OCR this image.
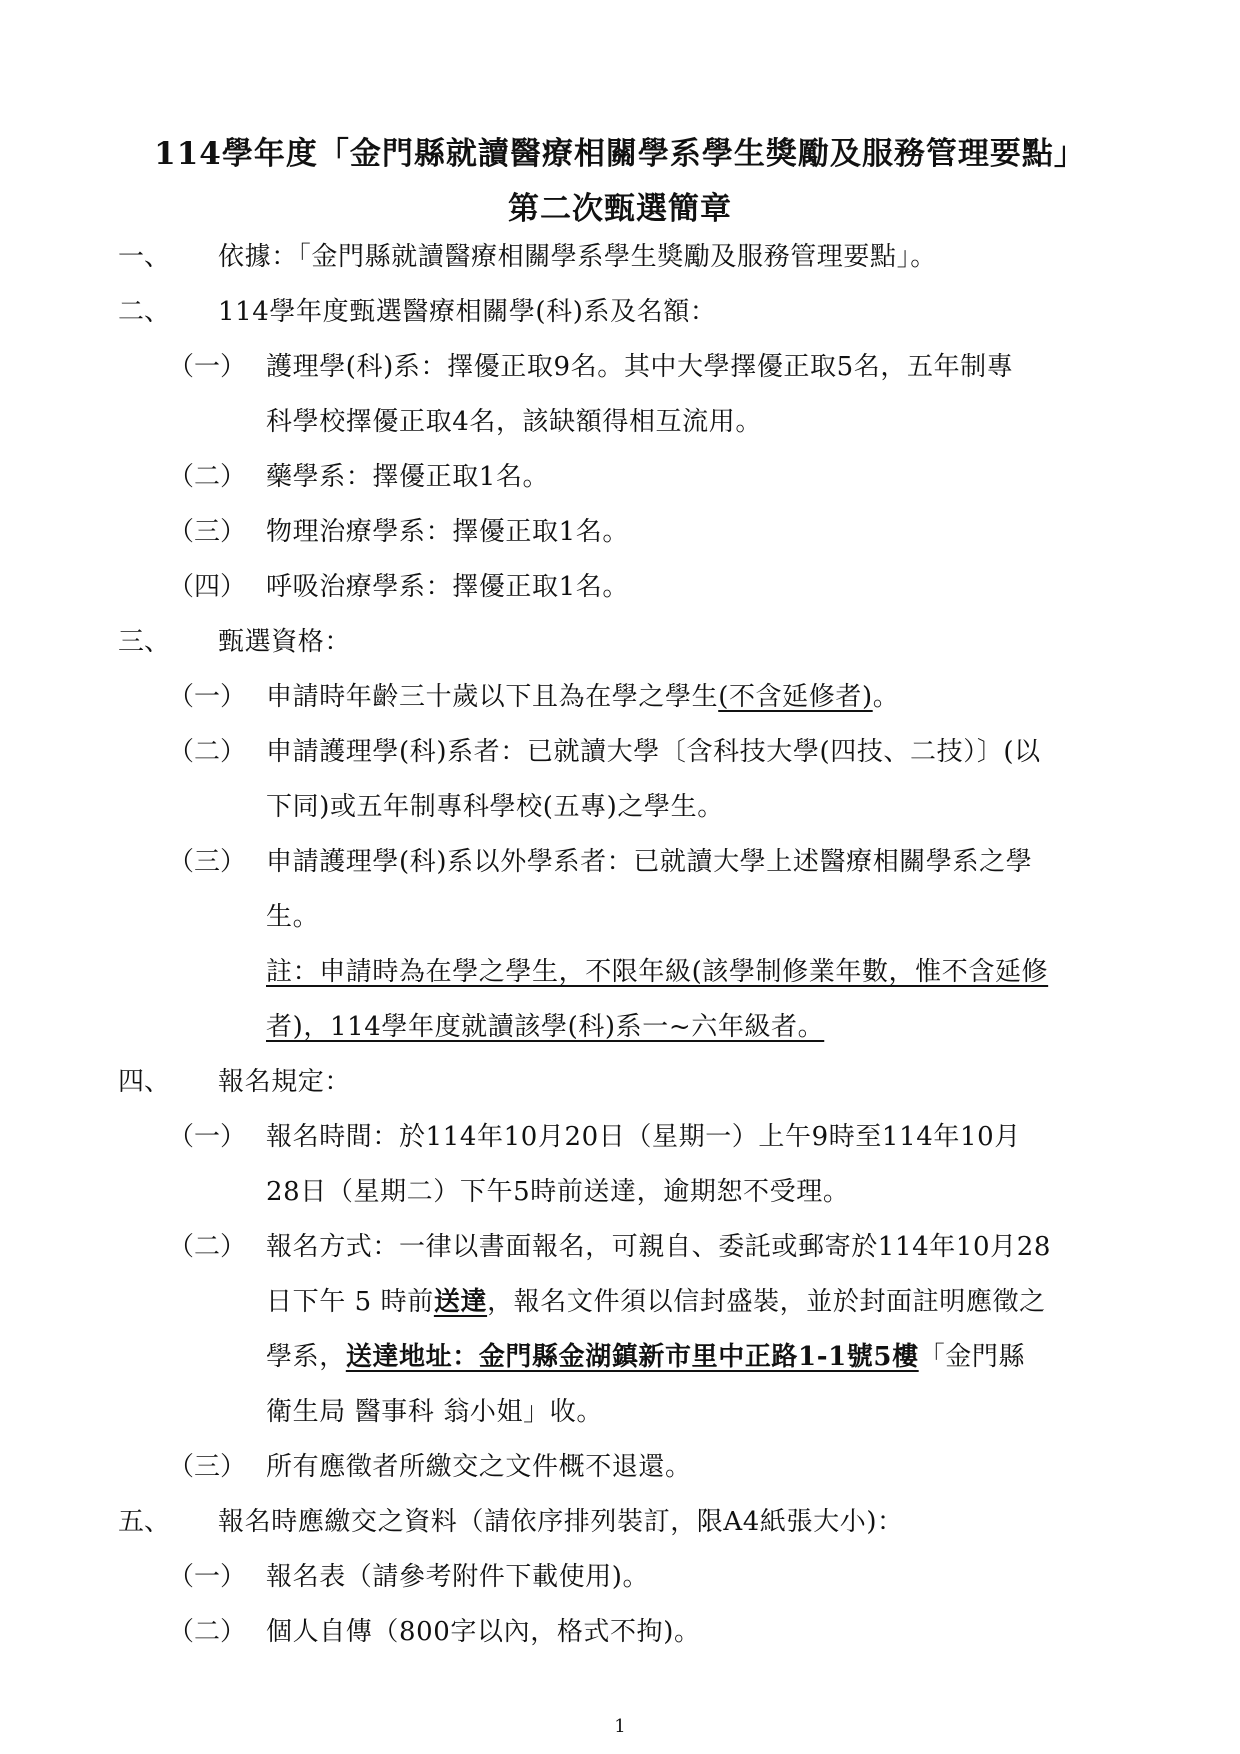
114學年度「金門縣就讀醫療相關學系學生獎勵及服務管理要點」
第二次甄選簡章
一、 依據：「金門縣就讀醫療相關學系學生獎勵及服務管理要點」。
二、 114學年度甄選醫療相關學(科)系及名額：
（一） 護理學(科)系：擇優正取9名。其中大學擇優正取5名，五年制專
科學校擇優正取4名，該缺額得相互流用。
（二） 藥學系：擇優正取1名。
（三） 物理治療學系：擇優正取1名。
（四） 呼吸治療學系：擇優正取1名。
三、 甄選資格：
（一） 申請時年齡三十歲以下且為在學之學生(不含延修者)。
（二） 申請護理學(科)系者：已就讀大學〔含科技大學(四技、二技）〕(以
下同)或五年制專科學校(五專)之學生。
（三） 申請護理學(科)系以外學系者：已就讀大學上述醫療相關學系之學
生。
註：申請時為在學之學生，不限年級(該學制修業年數，惟不含延修
者)，114學年度就讀該學(科)系一~六年級者。
四、 報名規定：
（一） 報名時間：於114年10月20日（星期一）上午9時至114年10月
28日（星期二）下午5時前送達，逾期恕不受理。
（二） 報名方式：一律以書面報名，可親自、委託或郵寄於114年10月28
日下午 5 時前送達，報名文件須以信封盛裝，並於封面註明應徵之
學系，送達地址：金門縣金湖鎮新市里中正路1-1號5樓「金門縣
衛生局 醫事科 翁小姐」收。
（三） 所有應徵者所繳交之文件概不退還。
五、 報名時應繳交之資料（請依序排列裝訂，限A4紙張大小)：
（一） 報名表（請參考附件下載使用)。
（二） 個人自傳（800字以內，格式不拘)。
1
